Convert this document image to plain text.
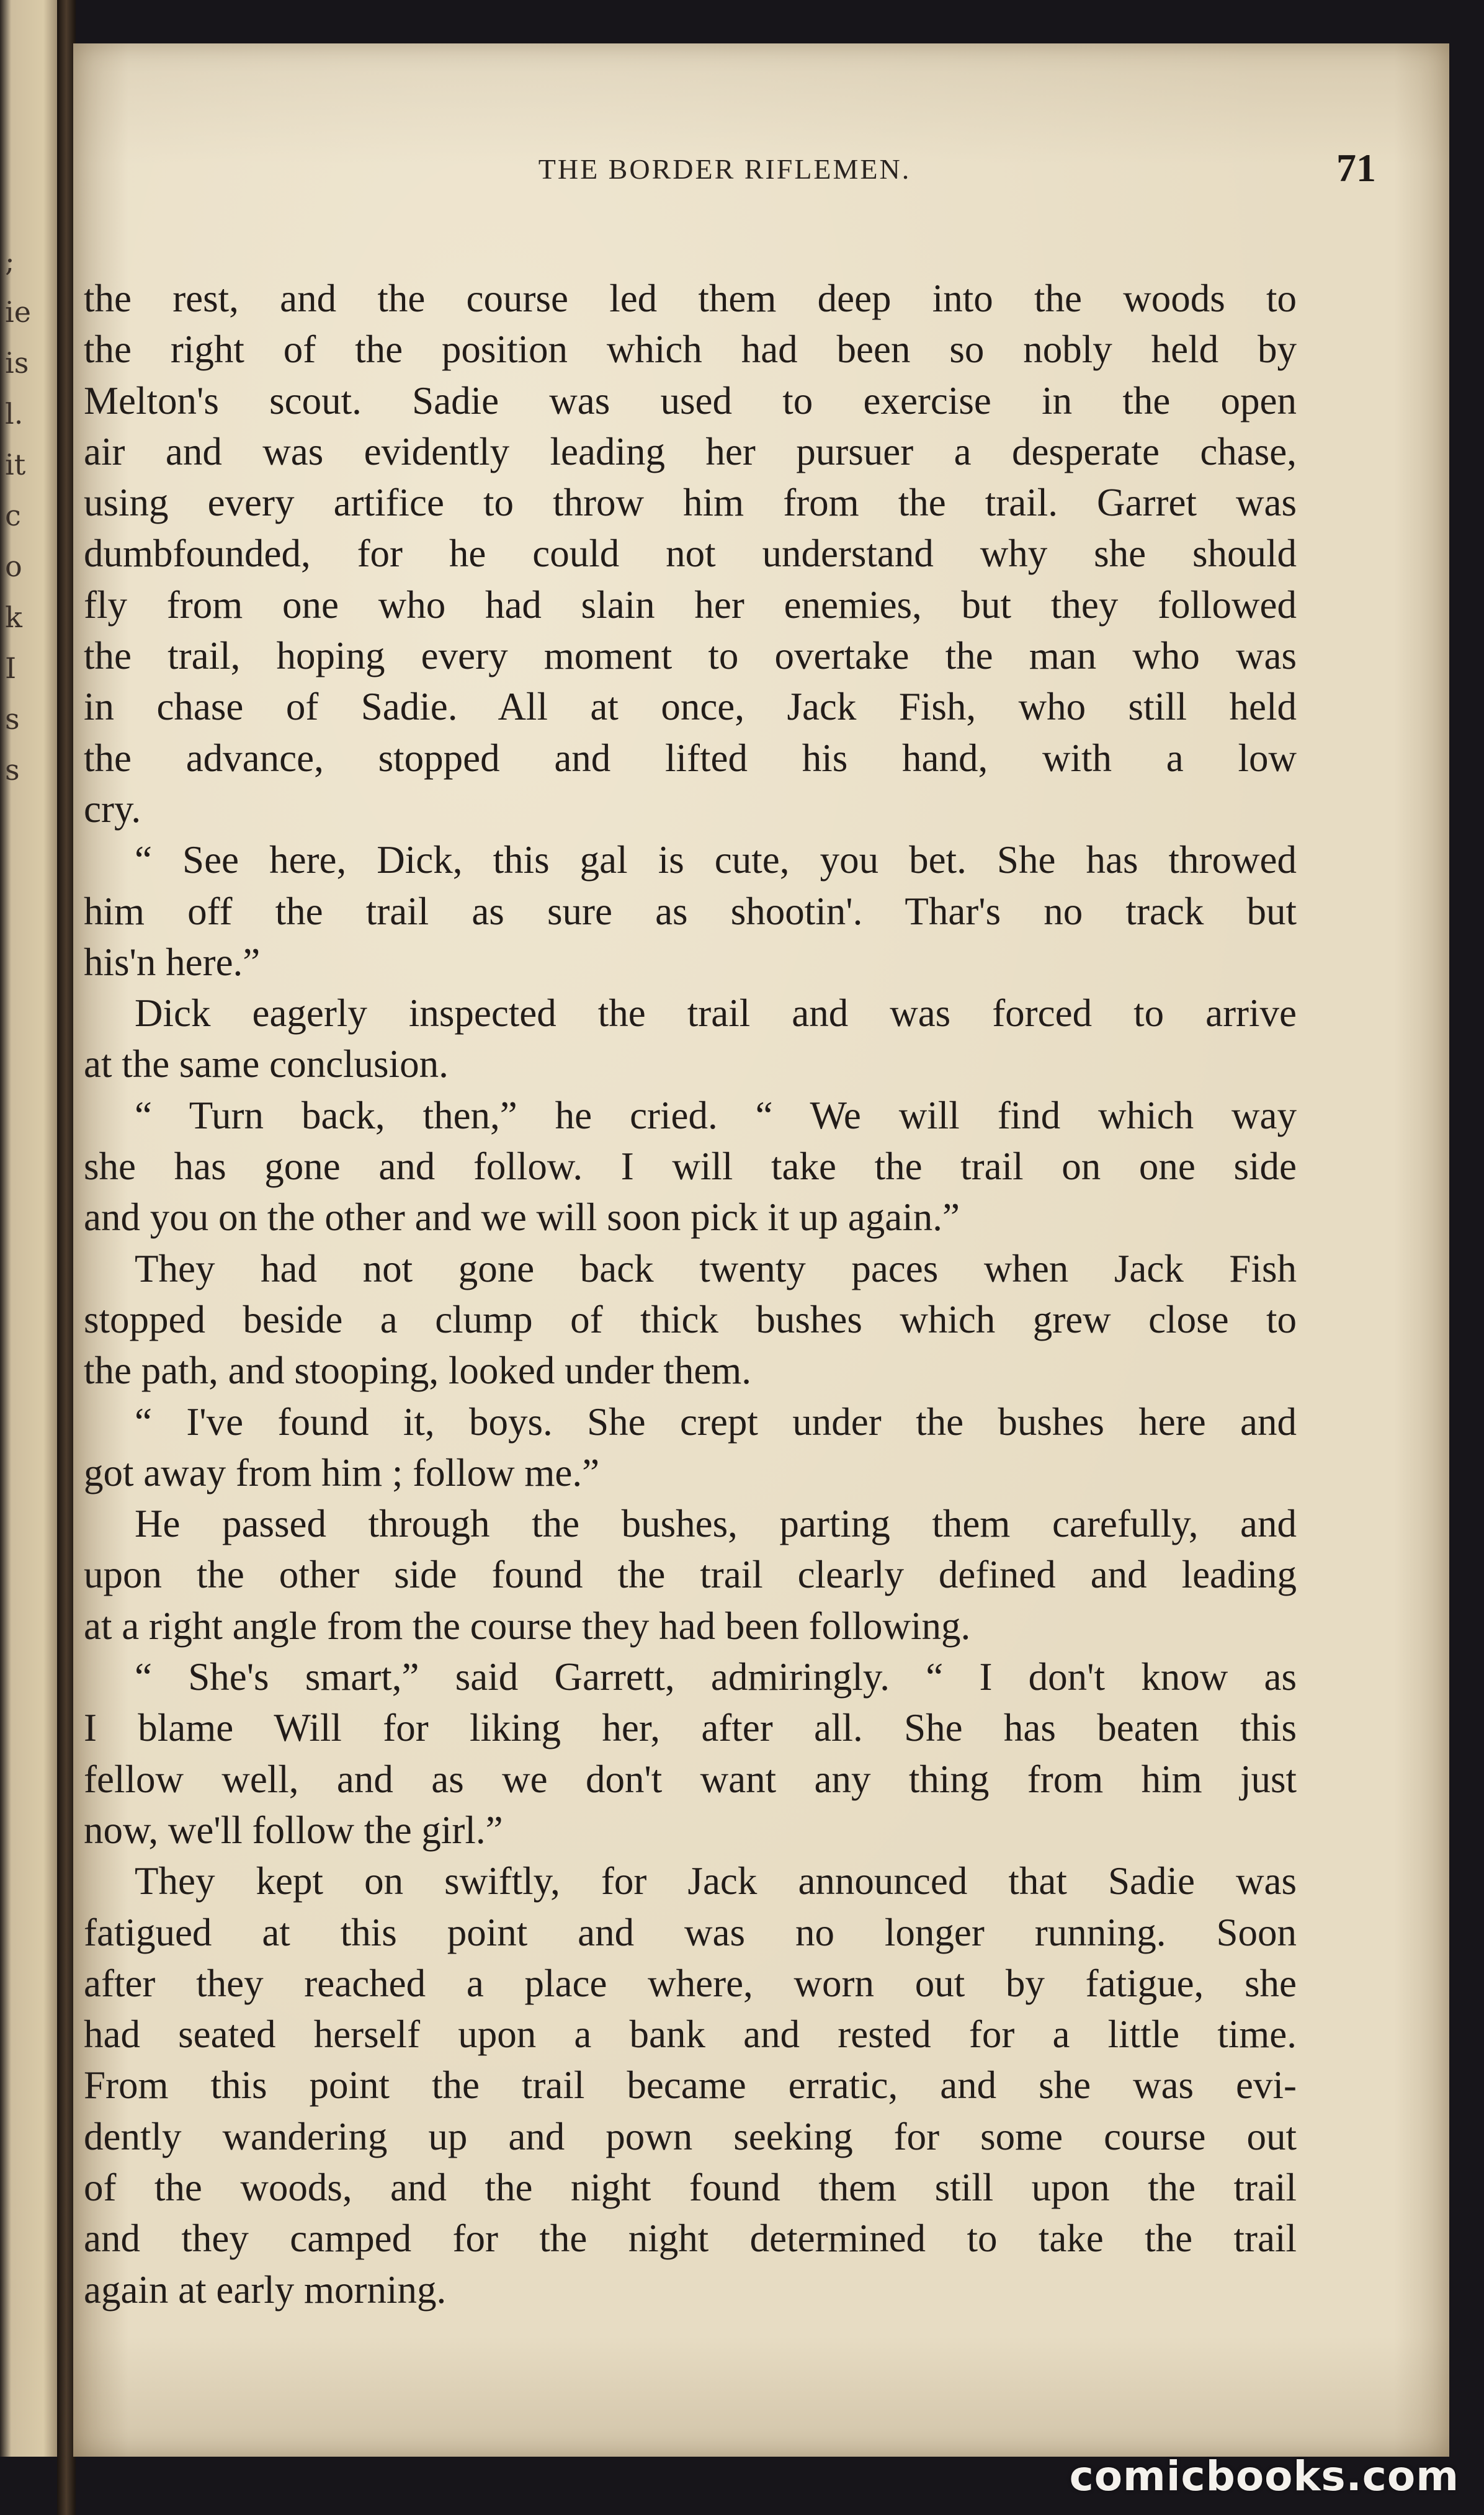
;
ie
is
l.
it
c
o
k
I
s
s
THE BORDER RIFLEMEN.	71
the rest, and the course led them deep into the woods to
the right of the position which had been so nobly held by
Melton's scout. Sadie was used to exercise in the open
air and was evidently leading her pursuer a desperate chase,
using every artifice to throw him from the trail. Garret was
dumbfounded, for he could not understand why she should
fly from one who had slain her enemies, but they followed
the trail, hoping every moment to overtake the man who was
in chase of Sadie. All at once, Jack Fish, who still held
the advance, stopped and lifted his hand, with a low
cry.
“ See here, Dick, this gal is cute, you bet. She has throwed
him off the trail as sure as shootin'. Thar's no track but
his'n here.”
Dick eagerly inspected the trail and was forced to arrive
at the same conclusion.
“ Turn back, then,” he cried. “ We will find which way
she has gone and follow. I will take the trail on one side
and you on the other and we will soon pick it up again.”
They had not gone back twenty paces when Jack Fish
stopped beside a clump of thick bushes which grew close to
the path, and stooping, looked under them.
“ I've found it, boys. She crept under the bushes here and
got away from him ; follow me.”
He passed through the bushes, parting them carefully, and
upon the other side found the trail clearly defined and leading
at a right angle from the course they had been following.
“ She's smart,” said Garrett, admiringly. “ I don't know as
I blame Will for liking her, after all. She has beaten this
fellow well, and as we don't want any thing from him just
now, we'll follow the girl.”
They kept on swiftly, for Jack announced that Sadie was
fatigued at this point and was no longer running. Soon
after they reached a place where, worn out by fatigue, she
had seated herself upon a bank and rested for a little time.
From this point the trail became erratic, and she was evi-
dently wandering up and pown seeking for some course out
of the woods, and the night found them still upon the trail
and they camped for the night determined to take the trail
again at early morning.
comicbooks.com
